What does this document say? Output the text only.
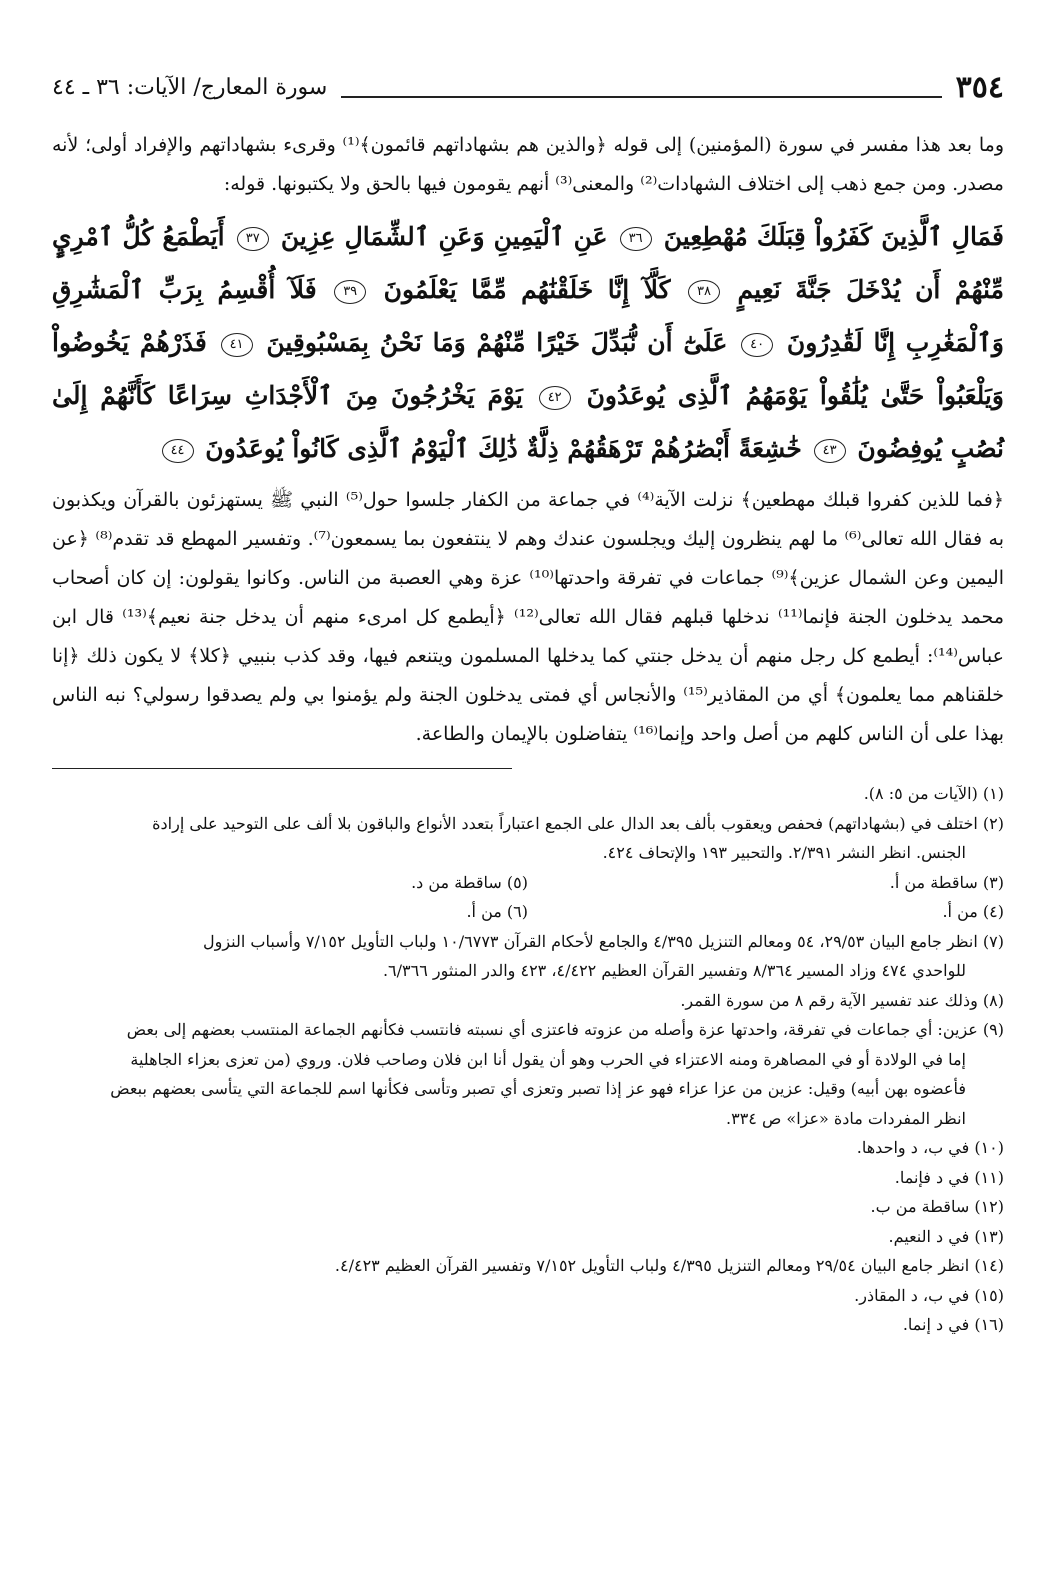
٣٥٤
سورة المعارج/ الآيات: ٣٦ ـ ٤٤

وما بعد هذا مفسر في سورة (المؤمنين) إلى قوله ﴿والذين هم بشهاداتهم قائمون﴾⁽¹⁾ وقرىء بشهاداتهم والإفراد أولى؛ لأنه مصدر. ومن جمع ذهب إلى اختلاف الشهادات⁽²⁾ والمعنى⁽³⁾ أنهم يقومون فيها بالحق ولا يكتبونها. قوله:

فَمَالِ ٱلَّذِينَ كَفَرُواْ قِبَلَكَ مُهْطِعِينَ ٣٦ عَنِ ٱلْيَمِينِ وَعَنِ ٱلشِّمَالِ عِزِينَ ٣٧ أَيَطْمَعُ كُلُّ ٱمْرِيٍٕ مِّنْهُمْ أَن يُدْخَلَ جَنَّةَ نَعِيمٍ ٣٨ كَلَّآ إِنَّا خَلَقْنَٰهُم مِّمَّا يَعْلَمُونَ ٣٩ فَلَآ أُقْسِمُ بِرَبِّ ٱلْمَشَٰرِقِ وَٱلْمَغَٰرِبِ إِنَّا لَقَٰدِرُونَ ٤٠ عَلَىٰٓ أَن نُّبَدِّلَ خَيْرًا مِّنْهُمْ وَمَا نَحْنُ بِمَسْبُوقِينَ ٤١ فَذَرْهُمْ يَخُوضُواْ وَيَلْعَبُواْ حَتَّىٰ يُلَٰقُواْ يَوْمَهُمُ ٱلَّذِى يُوعَدُونَ ٤٢ يَوْمَ يَخْرُجُونَ مِنَ ٱلْأَجْدَاثِ سِرَاعًا كَأَنَّهُمْ إِلَىٰ نُصُبٍ يُوفِضُونَ ٤٣ خَٰشِعَةً أَبْصَٰرُهُمْ تَرْهَقُهُمْ ذِلَّةٌ ذَٰلِكَ ٱلْيَوْمُ ٱلَّذِى كَانُواْ يُوعَدُونَ ٤٤

﴿فما للذين كفروا قبلك مهطعين﴾ نزلت الآية⁽⁴⁾ في جماعة من الكفار جلسوا حول⁽⁵⁾ النبي ﷺ يستهزئون بالقرآن ويكذبون به فقال الله تعالى⁽⁶⁾ ما لهم ينظرون إليك ويجلسون عندك وهم لا ينتفعون بما يسمعون⁽⁷⁾. وتفسير المهطع قد تقدم⁽⁸⁾ ﴿عن اليمين وعن الشمال عزين﴾⁽⁹⁾ جماعات في تفرقة واحدتها⁽¹⁰⁾ عزة وهي العصبة من الناس. وكانوا يقولون: إن كان أصحاب محمد يدخلون الجنة فإنما⁽¹¹⁾ ندخلها قبلهم فقال الله تعالى⁽¹²⁾ ﴿أيطمع كل امرىء منهم أن يدخل جنة نعيم﴾⁽¹³⁾ قال ابن عباس⁽¹⁴⁾: أيطمع كل رجل منهم أن يدخل جنتي كما يدخلها المسلمون ويتنعم فيها، وقد كذب بنبيي ﴿كلا﴾ لا يكون ذلك ﴿إنا خلقناهم مما يعلمون﴾ أي من المقاذير⁽¹⁵⁾ والأنجاس أي فمتى يدخلون الجنة ولم يؤمنوا بي ولم يصدقوا رسولي؟ نبه الناس بهذا على أن الناس كلهم من أصل واحد وإنما⁽¹⁶⁾ يتفاضلون بالإيمان والطاعة.

(١) (الآيات من ٥: ٨).
(٢) اختلف في (بشهاداتهم) فحفص ويعقوب بألف بعد الدال على الجمع اعتباراً بتعدد الأنواع والباقون بلا ألف على التوحيد على إرادة
الجنس. انظر النشر ٢/٣٩١. والتحبير ١٩٣ والإتحاف ٤٢٤.
(٣) ساقطة من أ.
(٥) ساقطة من د.
(٤) من أ.
(٦) من أ.
(٧) انظر جامع البيان ٢٩/٥٣، ٥٤ ومعالم التنزيل ٤/٣٩٥ والجامع لأحكام القرآن ١٠/٦٧٧٣ ولباب التأويل ٧/١٥٢ وأسباب النزول
للواحدي ٤٧٤ وزاد المسير ٨/٣٦٤ وتفسير القرآن العظيم ٤/٤٢٢، ٤٢٣ والدر المنثور ٦/٣٦٦.
(٨) وذلك عند تفسير الآية رقم ٨ من سورة القمر.
(٩) عزين: أي جماعات في تفرقة، واحدتها عزة وأصله من عزوته فاعتزى أي نسبته فانتسب فكأنهم الجماعة المنتسب بعضهم إلى بعض
إما في الولادة أو في المصاهرة ومنه الاعتزاء في الحرب وهو أن يقول أنا ابن فلان وصاحب فلان. وروي (من تعزى بعزاء الجاهلية
فأعضوه بهن أبيه) وقيل: عزين من عزا عزاء فهو عز إذا تصبر وتعزى أي تصبر وتأسى فكأنها اسم للجماعة التي يتأسى بعضهم ببعض
انظر المفردات مادة «عزا» ص ٣٣٤.
(١٠) في ب، د واحدها.
(١١) في د فإنما.
(١٢) ساقطة من ب.
(١٣) في د النعيم.
(١٤) انظر جامع البيان ٢٩/٥٤ ومعالم التنزيل ٤/٣٩٥ ولباب التأويل ٧/١٥٢ وتفسير القرآن العظيم ٤/٤٢٣.
(١٥) في ب، د المقاذر.
(١٦) في د إنما.
